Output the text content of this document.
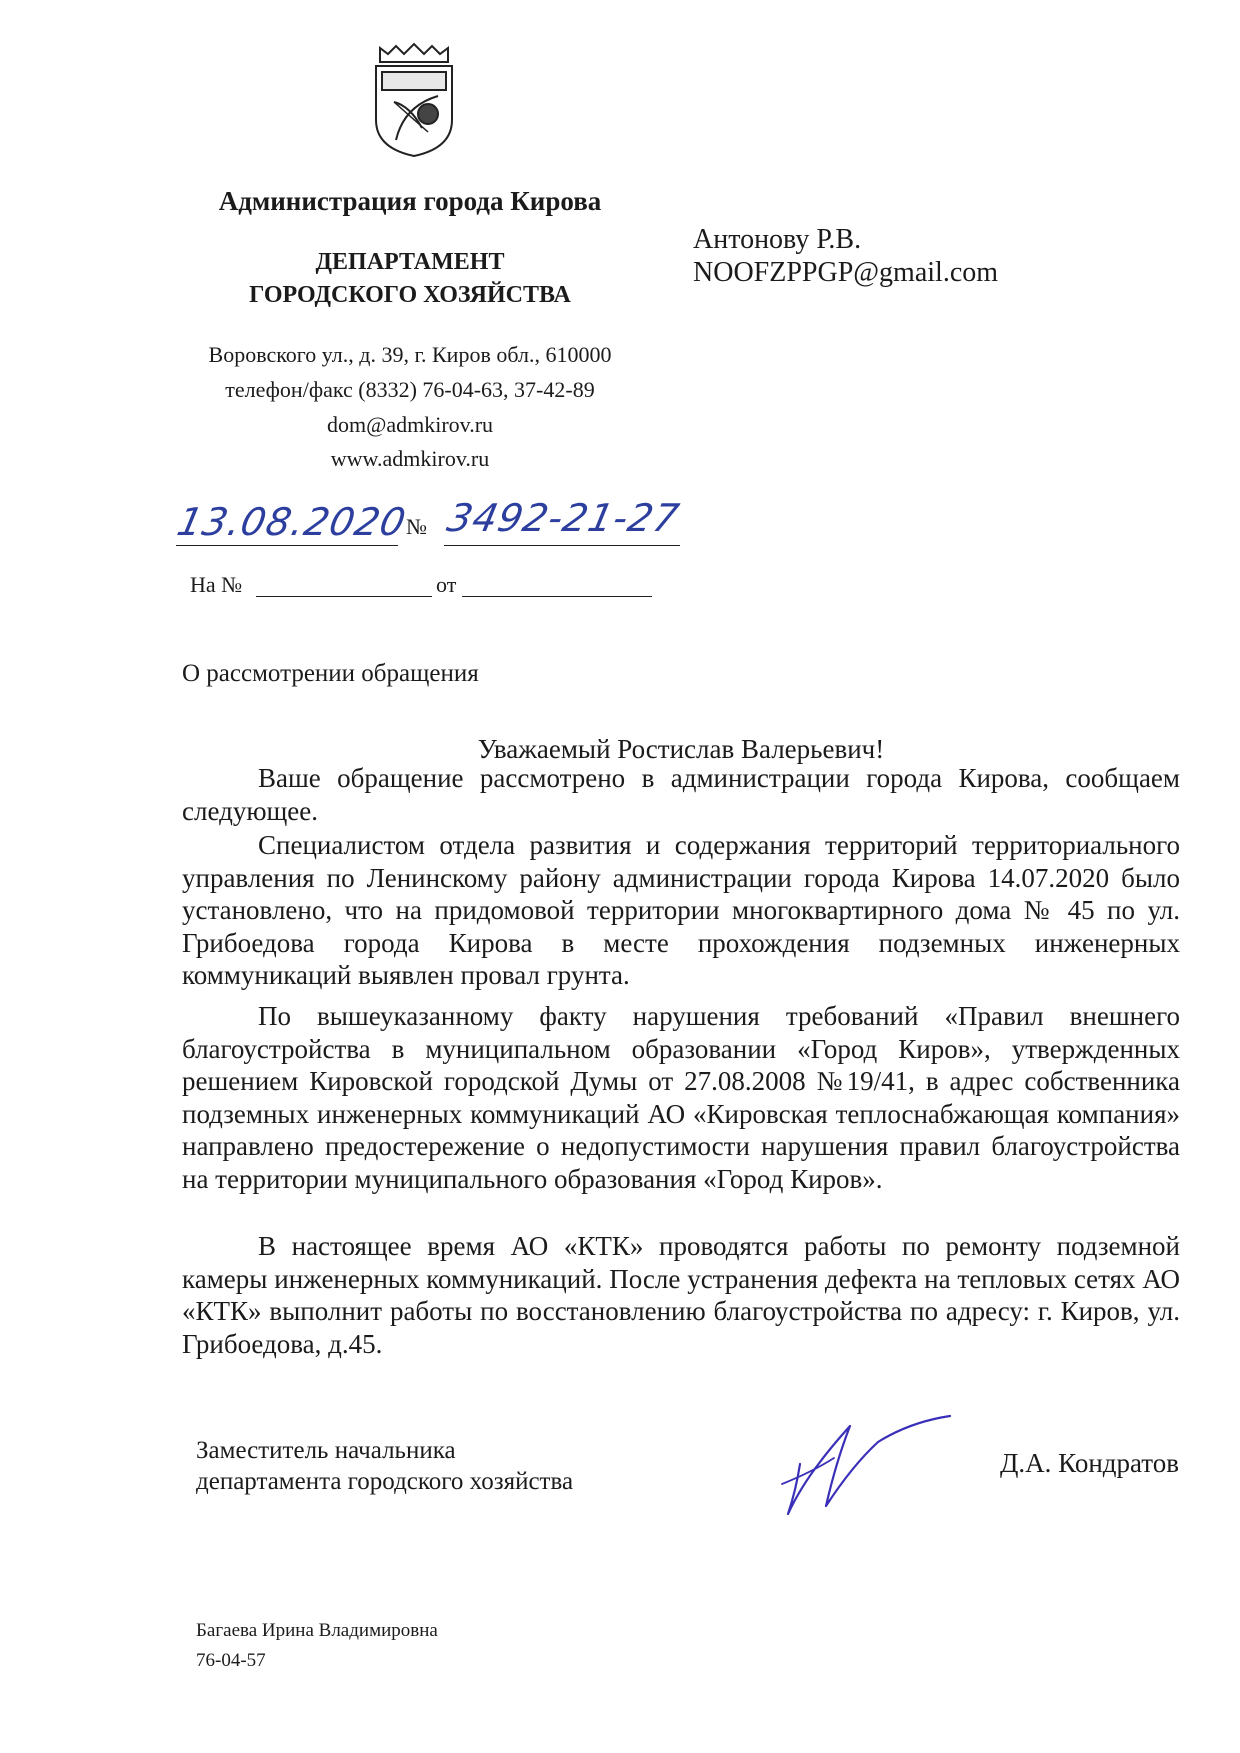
Администрация города Кирова
ДЕПАРТАМЕНТ
ГОРОДСКОГО ХОЗЯЙСТВА
Воровского ул., д. 39, г. Киров обл., 610000
телефон/факс (8332) 76-04-63, 37-42-89
dom@admkirov.ru
www.admkirov.ru
Антонову Р.В.
NOOFZPPGP@gmail.com
13.08.2020
№ 3492-21-27
На №	от
О рассмотрении обращения
Уважаемый Ростислав Валерьевич!
Ваше обращение рассмотрено в администрации города Кирова, сообщаем следующее.
Специалистом отдела развития и содержания территорий территориального управления по Ленинскому району администрации города Кирова 14.07.2020 было установлено, что на придомовой территории многоквартирного дома № 45 по ул. Грибоедова города Кирова в месте прохождения подземных инженерных коммуникаций выявлен провал грунта.
По вышеуказанному факту нарушения требований «Правил внешнего благоустройства в муниципальном образовании «Город Киров», утвержденных решением Кировской городской Думы от 27.08.2008 №19/41, в адрес собственника подземных инженерных коммуникаций АО «Кировская теплоснабжающая компания» направлено предостережение о недопустимости нарушения правил благоустройства на территории муниципального образования «Город Киров».
В настоящее время АО «КТК» проводятся работы по ремонту подземной камеры инженерных коммуникаций. После устранения дефекта на тепловых сетях АО «КТК» выполнит работы по восстановлению благоустройства по адресу: г. Киров, ул. Грибоедова, д.45.
Заместитель начальника
департамента городского хозяйства
Д.А. Кондратов
Багаева Ирина Владимировна
76-04-57
